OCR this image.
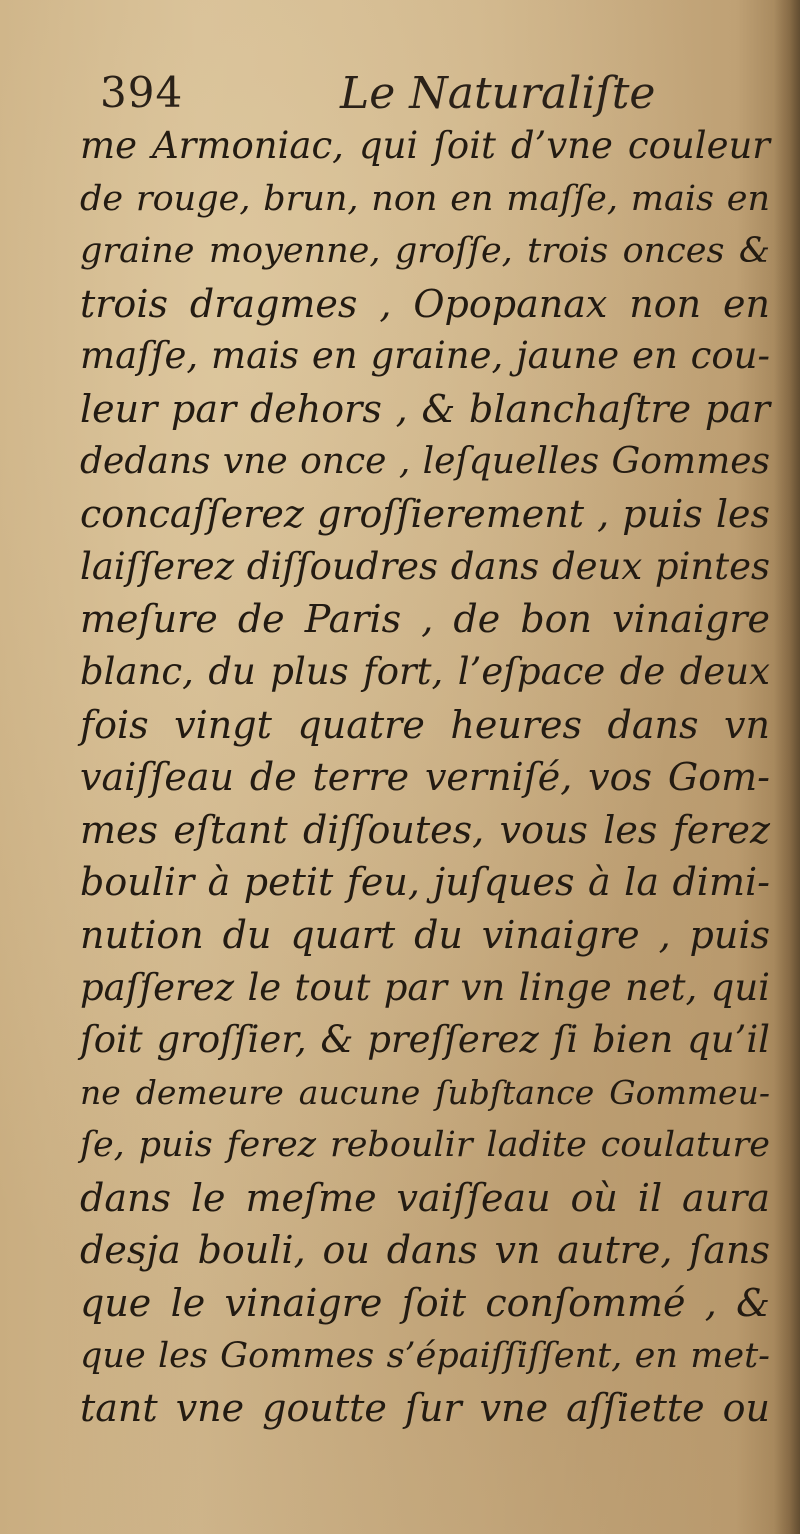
394	Le Naturaliſte
me Armoniac, qui ſoit d’vne couleur
de rouge, brun, non en maſſe, mais en
graine moyenne, groſſe, trois onces &
trois dragmes , Opopanax non en
maſſe, mais en graine, jaune en cou-
leur par dehors , & blanchaſtre par
dedans vne once , leſquelles Gommes
concaſſerez groſſierement , puis les
laiſſerez diſſoudres dans deux pintes
meſure de Paris , de bon vinaigre
blanc, du plus fort, l’eſpace de deux
fois vingt quatre heures dans vn
vaiſſeau de terre verniſé, vos Gom-
mes eſtant diſſoutes, vous les ferez
boulir à petit feu, juſques à la dimi-
nution du quart du vinaigre , puis
paſſerez le tout par vn linge net, qui
ſoit groſſier, & preſſerez ſi bien qu’il
ne demeure aucune ſubſtance Gommeu-
ſe, puis ferez reboulir ladite coulature
dans le meſme vaiſſeau où il aura
desja bouli, ou dans vn autre, ſans
que le vinaigre ſoit conſommé , &
que les Gommes s’épaiſſiſſent, en met-
tant vne goutte ſur vne aſſiette ou
